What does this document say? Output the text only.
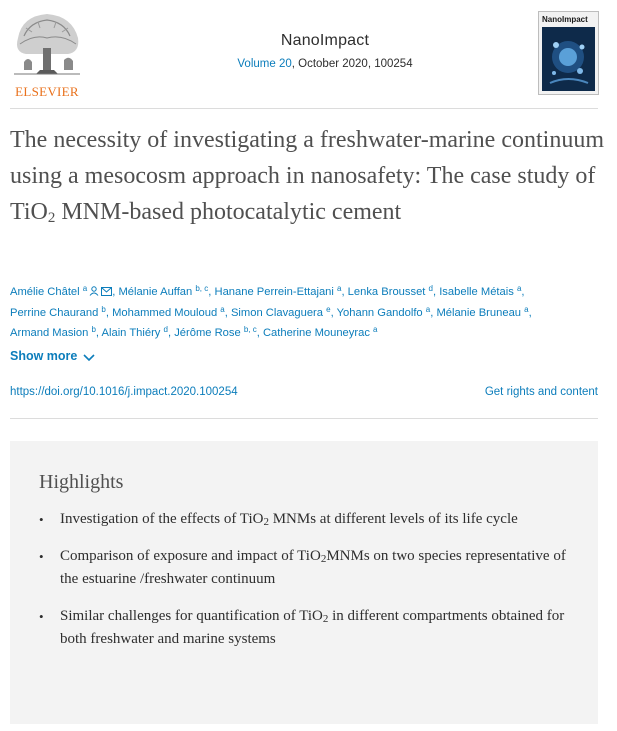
ELSEVIER
NanoImpact
Volume 20, October 2020, 100254
NanoImpact
The necessity of investigating a freshwater-marine continuum using a mesocosm approach in nanosafety: The case study of TiO$_2$ MNM-based photocatalytic cement
Amélie Châtel $^a$ , Mélanie Auffan $^{b, c}$, Hanane Perrein-Ettajani $^a$, Lenka Brousset $^d$, Isabelle Métais $^a$, Perrine Chaurand $^b$, Mohammed Mouloud $^a$, Simon Clavaguera $^e$, Yohann Gandolfo $^a$, Mélanie Bruneau $^a$, Armand Masion $^b$, Alain Thiéry $^d$, Jérôme Rose $^{b, c}$, Catherine Mouneyrac $^a$
Show more
https://doi.org/10.1016/j.impact.2020.100254	Get rights and content
Highlights
• Investigation of the effects of TiO$_2$ MNMs at different levels of its life cycle
• Comparison of exposure and impact of TiO$_2$MNMs on two species representative of the estuarine /freshwater continuum
• Similar challenges for quantification of TiO$_2$ in different compartments obtained for both freshwater and marine systems
